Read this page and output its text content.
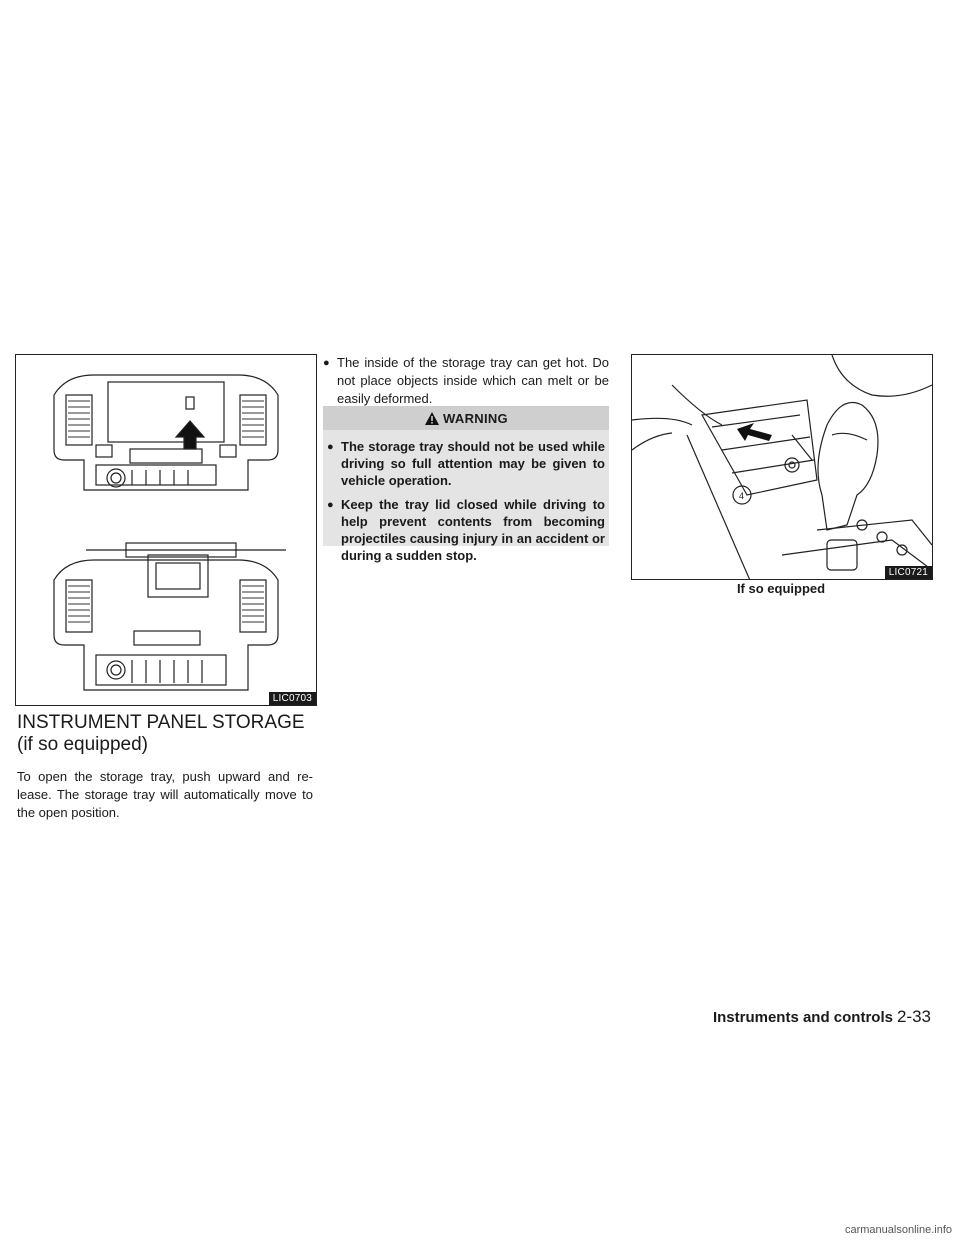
LIC0703
INSTRUMENT PANEL STORAGE (if so equipped)

To open the storage tray, push upward and re-lease. The storage tray will automatically move to the open position.

● The inside of the storage tray can get hot. Do not place objects inside which can melt or be easily deformed.
WARNING
● The storage tray should not be used while driving so full attention may be given to vehicle operation.
● Keep the tray lid closed while driving to help prevent contents from becoming projectiles causing injury in an accident or during a sudden stop.
4
LIC0721
If so equipped
Instruments and controls 2-33
carmanualsonline.info
